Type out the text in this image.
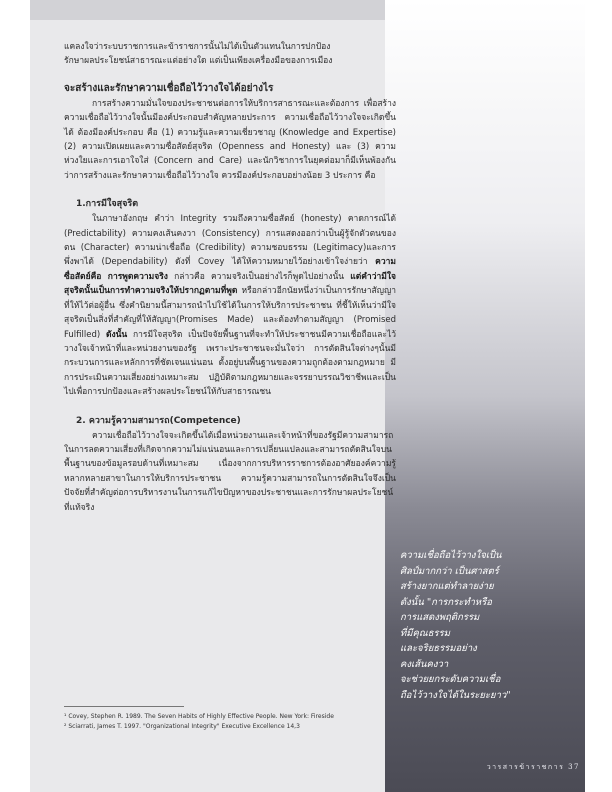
แคลงใจว่าระบบราชการและข้าราชการนั้นไม่ได้เป็นตัวแทนในการปกป้อง

รักษาผลประโยชน์สาธารณะแต่อย่างใด แต่เป็นเพียงเครื่องมือของการเมือง

จะสร้างและรักษาความเชื่อถือไว้วางใจได้อย่างไร

การสร้างความมั่นใจของประชาชนต่อการให้บริการสาธารณะและต้องการ เพื่อสร้างความเชื่อถือไว้วางใจนั้นมีองค์ประกอบสำคัญหลายประการ ความเชื่อถือไว้วางใจจะเกิดขึ้นได้ ต้องมีองค์ประกอบ คือ (1) ความรู้และความเชี่ยวชาญ (Knowledge and Expertise) (2) ความเปิดเผยและความซื่อสัตย์สุจริต (Openness and Honesty) และ (3) ความห่วงใยและการเอาใจใส่ (Concern and Care) และนักวิชาการในยุคต่อมาก็มีเห็นพ้องกันว่าการสร้างและรักษาความเชื่อถือไว้วางใจ ควรมีองค์ประกอบอย่างน้อย 3 ประการ คือ

1.การมีใจสุจริต

ในภาษาอังกฤษ คำว่า Integrity รวมถึงความซื่อสัตย์ (honesty) คาดการณ์ได้ (Predictability) ความคงเส้นคงวา (Consistency) การแสดงออกว่าเป็นผู้รู้จักตัวตนของตน (Character) ความน่าเชื่อถือ (Credibility) ความชอบธรรม (Legitimacy)และการพึ่งพาได้ (Dependability) ดังที่ Covey ได้ให้ความหมายไว้อย่างเข้าใจง่ายว่า ความซื่อสัตย์คือ การพูดความจริง กล่าวคือ ความจริงเป็นอย่างไรก็พูดไปอย่างนั้น แต่คำว่ามีใจสุจริตนั้นเป็นการทำความจริงให้ปรากฏตามที่พูด หรือกล่าวอีกนัยหนึ่งว่าเป็นการรักษาสัญญา ที่ให้ไว้ต่อผู้อื่น ซึ่งคำนิยามนี้สามารถนำไปใช้ได้ในการให้บริการประชาชน ที่ชี้ให้เห็นว่ามีใจสุจริตเป็นสิ่งที่สำคัญที่ให้สัญญา(Promises Made) และต้องทำตามสัญญา (Promised Fulfilled) ดังนั้น การมีใจสุจริต เป็นปัจจัยพื้นฐานที่จะทำให้ประชาชนมีความเชื่อถือและไว้วางใจเจ้าหน้าที่และหน่วยงานของรัฐ เพราะประชาชนจะมั่นใจว่า การตัดสินใจต่างๆนั้นมีกระบวนการและหลักการที่ชัดเจนแน่นอน ตั้งอยู่บนพื้นฐานของความถูกต้องตามกฎหมาย มีการประเมินความเสี่ยงอย่างเหมาะสม ปฏิบัติตามกฎหมายและจรรยาบรรณวิชาชีพและเป็นไปเพื่อการปกป้องและสร้างผลประโยชน์ให้กับสาธารณชน

2. ความรู้ความสามารถ(Competence)

ความเชื่อถือไว้วางใจจะเกิดขึ้นได้เมื่อหน่วยงานและเจ้าหน้าที่ของรัฐมีความสามารถในการลดความเสี่ยงที่เกิดจากความไม่แน่นอนและการเปลี่ยนแปลงและสามารถตัดสินใจบนพื้นฐานของข้อมูลรอบด้านที่เหมาะสม เนื่องจากการบริหารราชการต้องอาศัยองค์ความรู้หลากหลายสาขาในการให้บริการประชาชน ความรู้ความสามารถในการตัดสินใจจึงเป็นปัจจัยที่สำคัญต่อการบริหารงานในการแก้ไขปัญหาของประชาชนและการรักษาผลประโยชน์ที่แท้จริง

¹ Covey, Stephen R. 1989. The Seven Habits of Highly Effective People. New York: Fireside

² Sciarrati, James T. 1997. "Organizational Integrity" Executive Excellence 14,3

ความเชื่อถือไว้วางใจเป็น
ศิลป์มากกว่า เป็นศาสตร์
สร้างยากแต่ทำลายง่าย
ดังนั้น "การกระทำหรือ
การแสดงพฤติกรรม
ที่มีคุณธรรม
และจริยธรรมอย่าง
คงเส้นคงวา
จะช่วยยกระดับความเชื่อ
ถือไว้วางใจได้ในระยะยาว"
วารสารข้าราชการ 37
